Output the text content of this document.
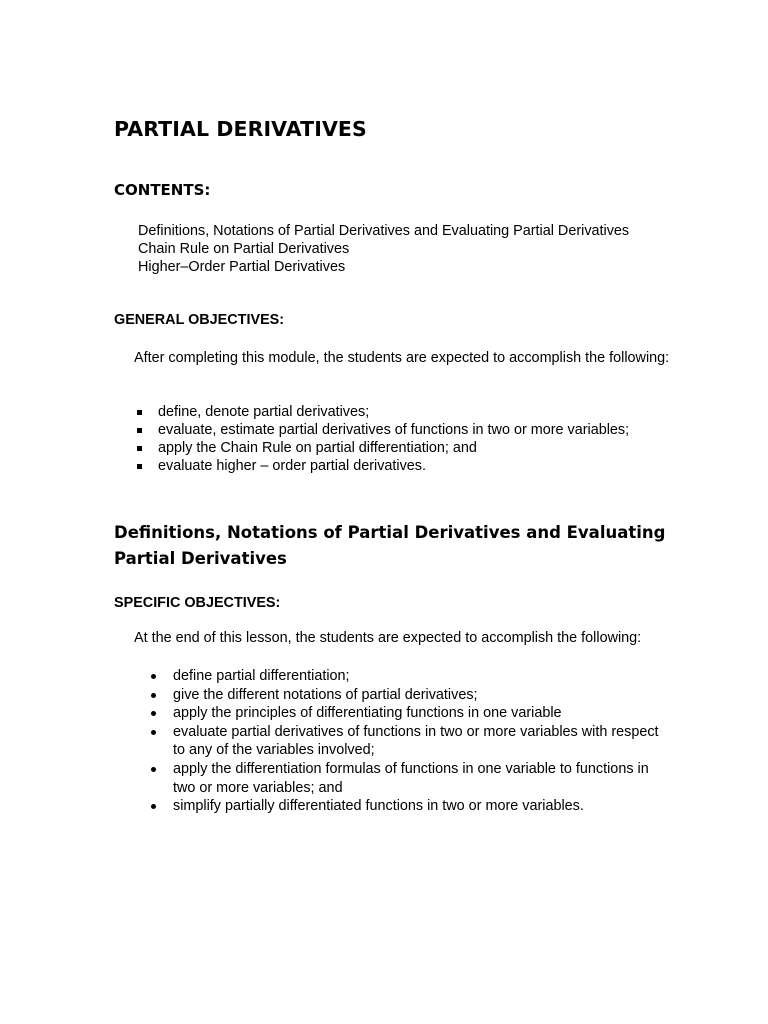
PARTIAL DERIVATIVES
CONTENTS:
Definitions, Notations of Partial Derivatives and Evaluating Partial Derivatives
Chain Rule on Partial Derivatives
Higher–Order Partial Derivatives
GENERAL OBJECTIVES:

After completing this module, the students are expected to accomplish the following:

define, denote partial derivatives;
evaluate, estimate partial derivatives of functions in two or more variables;
apply the Chain Rule on partial differentiation; and
evaluate higher – order partial derivatives.
Definitions, Notations of Partial Derivatives and Evaluating Partial Derivatives
SPECIFIC OBJECTIVES:

At the end of this lesson, the students are expected to accomplish the following:

define partial differentiation;
give the different notations of partial derivatives;
apply the principles of differentiating functions in one variable
evaluate partial derivatives of functions in two or more variables with respect to any of the variables involved;
apply the differentiation formulas of functions in one variable to functions in two or more variables; and
simplify partially differentiated functions in two or more variables.
